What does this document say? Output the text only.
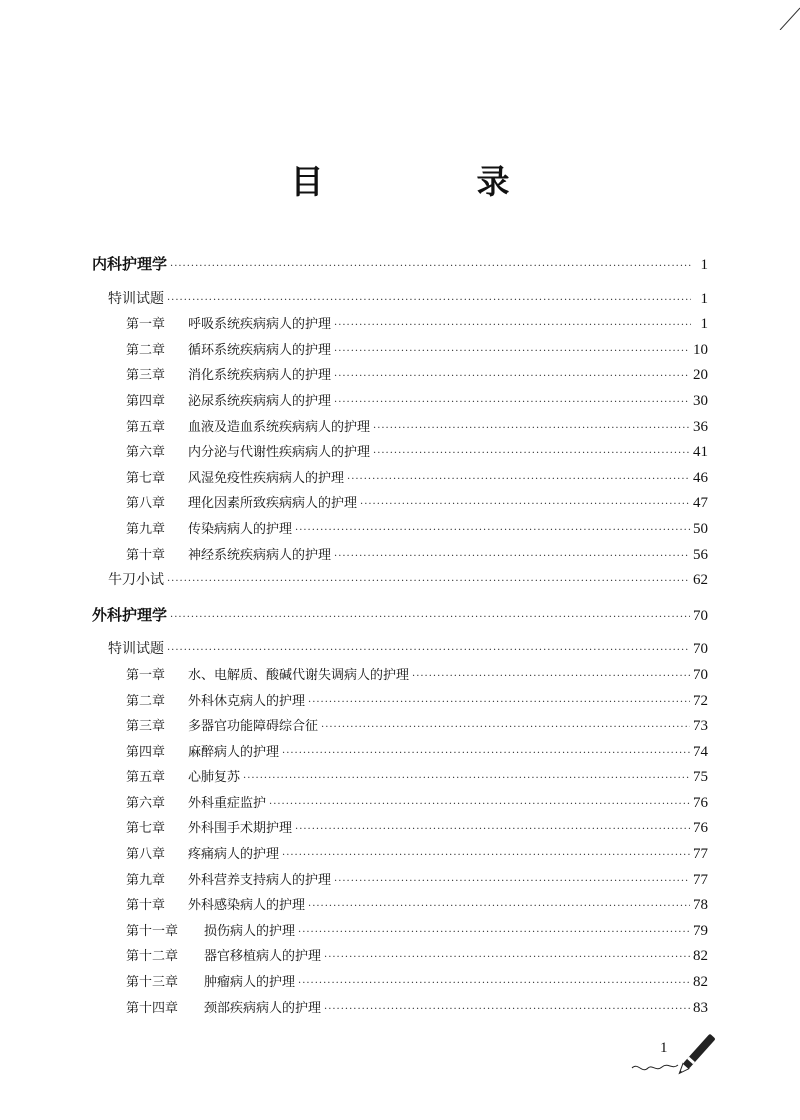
目　录
内科护理学 ·····	1
特训试题 ·····	1
第一章 呼吸系统疾病病人的护理 ·····	1
第二章 循环系统疾病病人的护理 ·····	10
第三章 消化系统疾病病人的护理 ·····	20
第四章 泌尿系统疾病病人的护理 ·····	30
第五章 血液及造血系统疾病病人的护理 ·····	36
第六章 内分泌与代谢性疾病病人的护理 ·····	41
第七章 风湿免疫性疾病病人的护理 ·····	46
第八章 理化因素所致疾病病人的护理 ·····	47
第九章 传染病病人的护理 ·····	50
第十章 神经系统疾病病人的护理 ·····	56
牛刀小试 ·····	62
外科护理学 ·····	70
特训试题 ·····	70
第一章 水、电解质、酸碱代谢失调病人的护理 ·····	70
第二章 外科休克病人的护理 ·····	72
第三章 多器官功能障碍综合征 ·····	73
第四章 麻醉病人的护理 ·····	74
第五章 心肺复苏 ·····	75
第六章 外科重症监护 ·····	76
第七章 外科围手术期护理 ·····	76
第八章 疼痛病人的护理 ·····	77
第九章 外科营养支持病人的护理 ·····	77
第十章 外科感染病人的护理 ·····	78
第十一章 损伤病人的护理 ·····	79
第十二章 器官移植病人的护理 ·····	82
第十三章 肿瘤病人的护理 ·····	82
第十四章 颈部疾病病人的护理 ·····	83
1
